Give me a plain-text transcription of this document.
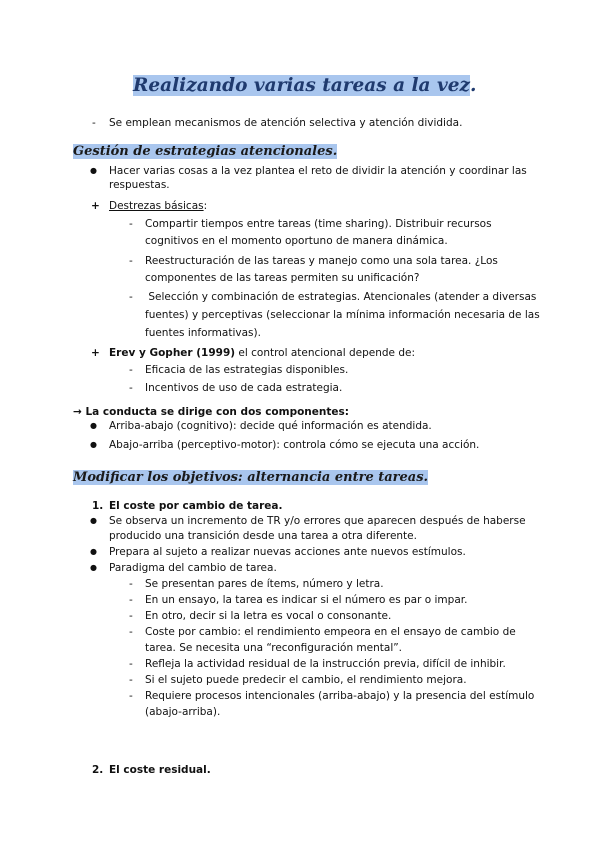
Realizando varias tareas a la vez.
- Se emplean mecanismos de atención selectiva y atención dividida.
Gestión de estrategias atencionales.
● Hacer varias cosas a la vez plantea el reto de dividir la atención y coordinar las
respuestas.
+ Destrezas básicas:
- Compartir tiempos entre tareas (time sharing). Distribuir recursos
cognitivos en el momento oportuno de manera dinámica.
- Reestructuración de las tareas y manejo como una sola tarea. ¿Los
componentes de las tareas permiten su unificación?
- Selección y combinación de estrategias. Atencionales (atender a diversas
fuentes) y perceptivas (seleccionar la mínima información necesaria de las
fuentes informativas).
+ Erev y Gopher (1999) el control atencional depende de:
- Eficacia de las estrategias disponibles.
- Incentivos de uso de cada estrategia.
→ La conducta se dirige con dos componentes:
● Arriba-abajo (cognitivo): decide qué información es atendida.
● Abajo-arriba (perceptivo-motor): controla cómo se ejecuta una acción.
Modificar los objetivos: alternancia entre tareas.
1. El coste por cambio de tarea.
● Se observa un incremento de TR y/o errores que aparecen después de haberse
producido una transición desde una tarea a otra diferente.
● Prepara al sujeto a realizar nuevas acciones ante nuevos estímulos.
● Paradigma del cambio de tarea.
- Se presentan pares de ítems, número y letra.
- En un ensayo, la tarea es indicar si el número es par o impar.
- En otro, decir si la letra es vocal o consonante.
- Coste por cambio: el rendimiento empeora en el ensayo de cambio de
tarea. Se necesita una “reconfiguración mental”.
- Refleja la actividad residual de la instrucción previa, difícil de inhibir.
- Si el sujeto puede predecir el cambio, el rendimiento mejora.
- Requiere procesos intencionales (arriba-abajo) y la presencia del estímulo
(abajo-arriba).
2. El coste residual.
